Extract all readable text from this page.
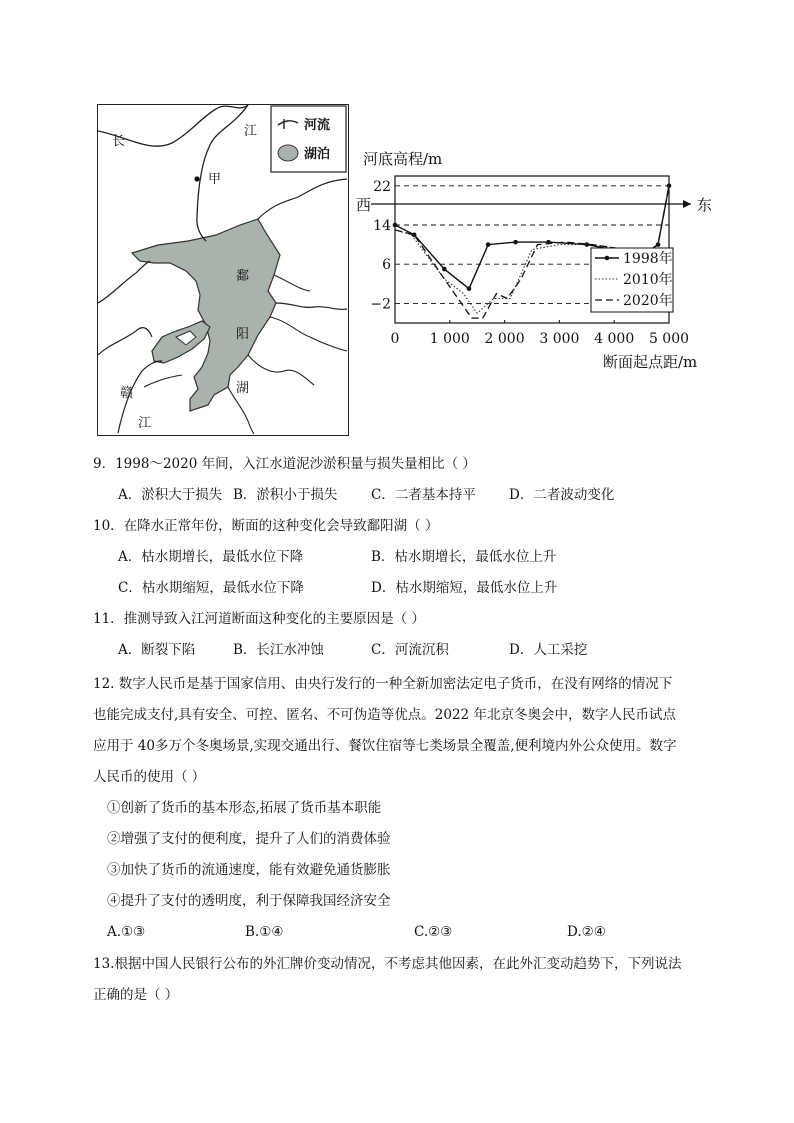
河流
湖泊
长
江
甲
鄱
阳
湖
赣
江
河底高程/m
断面起点距/m
西	东
22
14
6
−2
0 1 000 2 000 3 000 4 000 5 000
1998年
2010年
2020年
9．1998～2020 年间，入江水道泥沙淤积量与损失量相比（ ）
A．淤积大于损失 B．淤积小于损失 C．二者基本持平 D．二者波动变化
10．在降水正常年份，断面的这种变化会导致鄱阳湖（ ）
A．枯水期增长，最低水位下降	B．枯水期增长，最低水位上升
C．枯水期缩短，最低水位下降	D．枯水期缩短，最低水位上升
11．推测导致入江河道断面这种变化的主要原因是（ ）
A．断裂下陷	B．长江水冲蚀	C．河流沉积	D．人工采挖
12. 数字人民币是基于国家信用、由央行发行的一种全新加密法定电子货币，在没有网络的情况下
也能完成支付,具有安全、可控、匿名、不可伪造等优点。2022 年北京冬奥会中，数字人民币试点
应用于 40多万个冬奥场景,实现交通出行、餐饮住宿等七类场景全覆盖,便利境内外公众使用。数字
人民币的使用（ ）
①创新了货币的基本形态,拓展了货币基本职能
②增强了支付的便利度，提升了人们的消费体验
③加快了货币的流通速度，能有效避免通货膨胀
④提升了支付的透明度，利于保障我国经济安全
A.①③	B.①④	C.②③	D.②④
13.根据中国人民银行公布的外汇牌价变动情况，不考虑其他因素，在此外汇变动趋势下，下列说法
正确的是（ ）
